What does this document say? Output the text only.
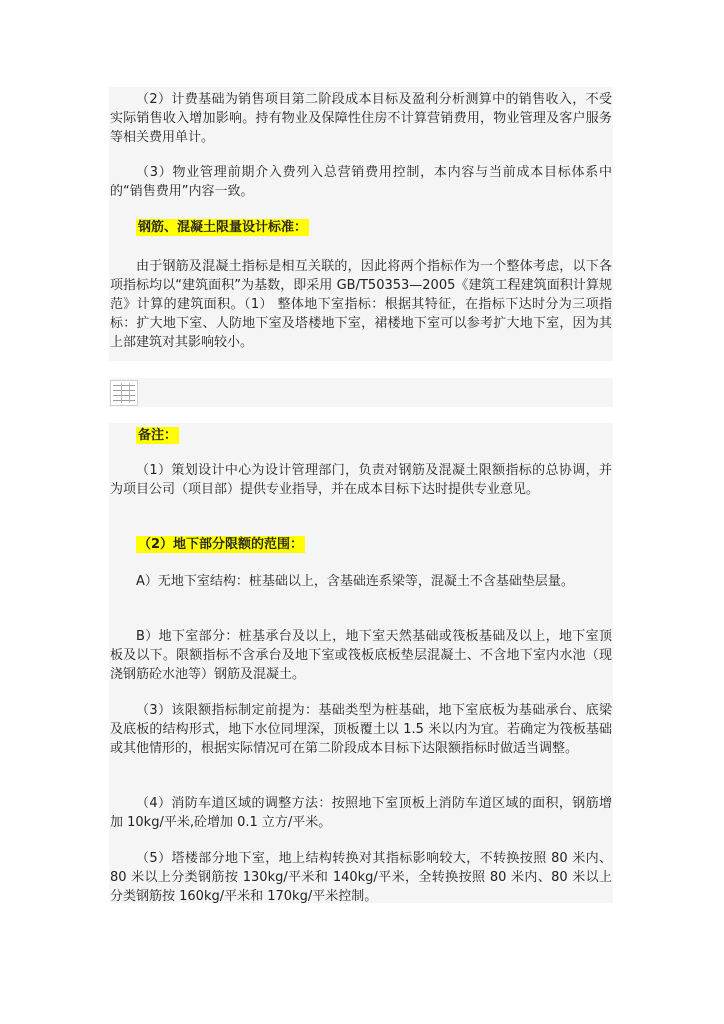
（2）计费基础为销售项目第二阶段成本目标及盈利分析测算中的销售收入，不受实际销售收入增加影响。持有物业及保障性住房不计算营销费用，物业管理及客户服务等相关费用单计。

（3）物业管理前期介入费列入总营销费用控制，本内容与当前成本目标体系中的“销售费用”内容一致。

钢筋、混凝土限量设计标准：

由于钢筋及混凝土指标是相互关联的，因此将两个指标作为一个整体考虑，以下各项指标均以“建筑面积”为基数，即采用 GB/T50353—2005《建筑工程建筑面积计算规范》计算的建筑面积。（1） 整体地下室指标：根据其特征，在指标下达时分为三项指标：扩大地下室、人防地下室及塔楼地下室，裙楼地下室可以参考扩大地下室，因为其上部建筑对其影响较小。

备注：

（1）策划设计中心为设计管理部门，负责对钢筋及混凝土限额指标的总协调，并为项目公司（项目部）提供专业指导，并在成本目标下达时提供专业意见。

（2）地下部分限额的范围：

A）无地下室结构：桩基础以上，含基础连系梁等，混凝土不含基础垫层量。

B）地下室部分：桩基承台及以上，地下室天然基础或筏板基础及以上，地下室顶板及以下。限额指标不含承台及地下室或筏板底板垫层混凝土、不含地下室内水池（现浇钢筋砼水池等）钢筋及混凝土。

（3）该限额指标制定前提为：基础类型为桩基础，地下室底板为基础承台、底梁及底板的结构形式，地下水位同埋深，顶板覆土以 1.5 米以内为宜。若确定为筏板基础或其他情形的，根据实际情况可在第二阶段成本目标下达限额指标时做适当调整。

（4）消防车道区域的调整方法：按照地下室顶板上消防车道区域的面积，钢筋增加 10kg/平米,砼增加 0.1 立方/平米。

（5）塔楼部分地下室，地上结构转换对其指标影响较大，不转换按照 80 米内、80 米以上分类钢筋按 130kg/平米和 140kg/平米，全转换按照 80 米内、80 米以上分类钢筋按 160kg/平米和 170kg/平米控制。
